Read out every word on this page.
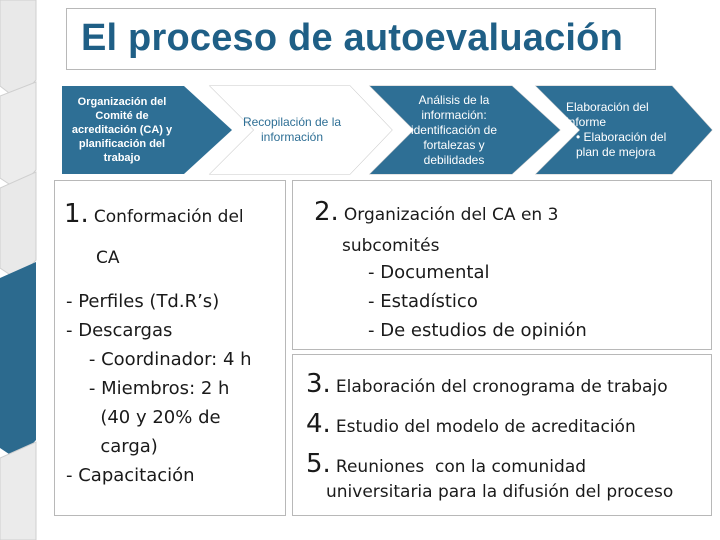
El proceso de autoevaluación
Organización del Comité de acreditación (CA) y planificación del trabajo
Recopilación de la información
Análisis de la información: identificación de fortalezas y debilidades
Elaboración del informe
• Elaboración del plan de mejora
1. Conformación del
CA
- Perfiles (Td.R’s)
- Descargas
- Coordinador: 4 h
- Miembros: 2 h
(40 y 20% de
carga)
- Capacitación
2. Organización del CA en 3
subcomités
- Documental
- Estadístico
- De estudios de opinión
3. Elaboración del cronograma de trabajo
4. Estudio del modelo de acreditación
5. Reuniones  con la comunidad
universitaria para la difusión del proceso
